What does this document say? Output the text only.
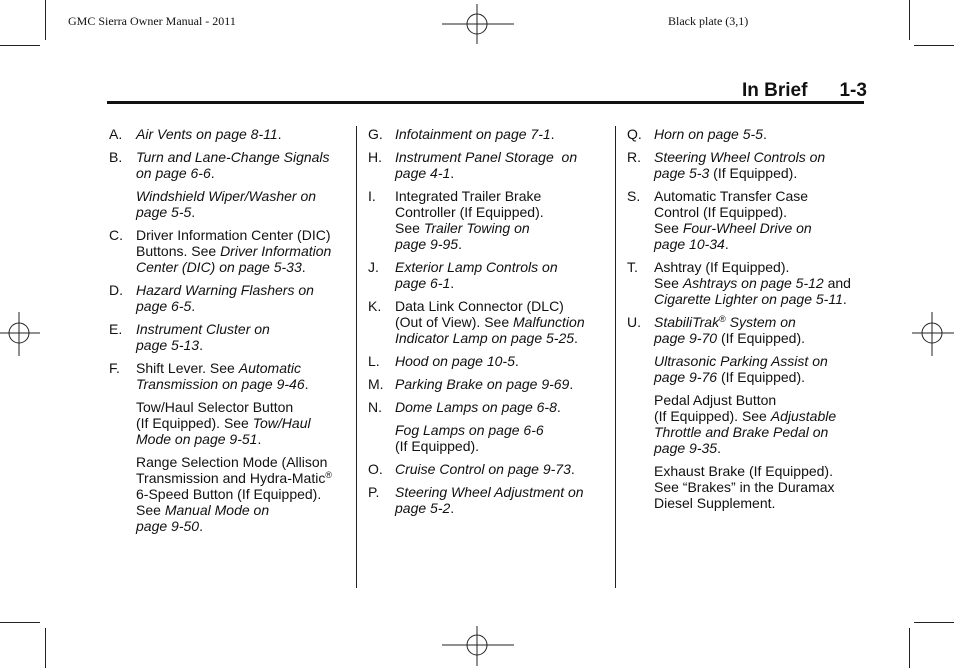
GMC Sierra Owner Manual - 2011	Black plate (3,1)
In Brief 1-3
A. Air Vents on page 8-11.
B. Turn and Lane-Change Signals
on page 6-6.
Windshield Wiper/Washer on
page 5-5.
C. Driver Information Center (DIC)
Buttons. See Driver Information
Center (DIC) on page 5-33.
D. Hazard Warning Flashers on
page 6-5.
E. Instrument Cluster on
page 5-13.
F.	Shift Lever. See Automatic
Transmission on page 9-46.
Tow/Haul Selector Button
(If Equipped). See Tow/Haul
Mode on page 9-51.
Range Selection Mode (Allison
Transmission and Hydra-Matic®
6-Speed Button (If Equipped).
See Manual Mode on
page 9-50.
G. Infotainment on page 7-1.
H. Instrument Panel Storage  on
page 4-1.
I.	Integrated Trailer Brake
Controller (If Equipped).
See Trailer Towing on
page 9-95.
J.	Exterior Lamp Controls on
page 6-1.
K. Data Link Connector (DLC)
(Out of View). See Malfunction
Indicator Lamp on page 5-25.
L.	Hood on page 10-5.
M. Parking Brake on page 9-69.
N. Dome Lamps on page 6-8.
Fog Lamps on page 6-6
(If Equipped).
O. Cruise Control on page 9-73.
P.	Steering Wheel Adjustment on
page 5-2.
Q. Horn on page 5-5.
R. Steering Wheel Controls on
page 5-3 (If Equipped).
S. Automatic Transfer Case
Control (If Equipped).
See Four-Wheel Drive on
page 10-34.
T.	Ashtray (If Equipped).
See Ashtrays on page 5-12 and
Cigarette Lighter on page 5-11.
U. StabiliTrak® System on
page 9-70 (If Equipped).
Ultrasonic Parking Assist on
page 9-76 (If Equipped).
Pedal Adjust Button
(If Equipped). See Adjustable
Throttle and Brake Pedal on
page 9-35.
Exhaust Brake (If Equipped).
See “Brakes” in the Duramax
Diesel Supplement.
